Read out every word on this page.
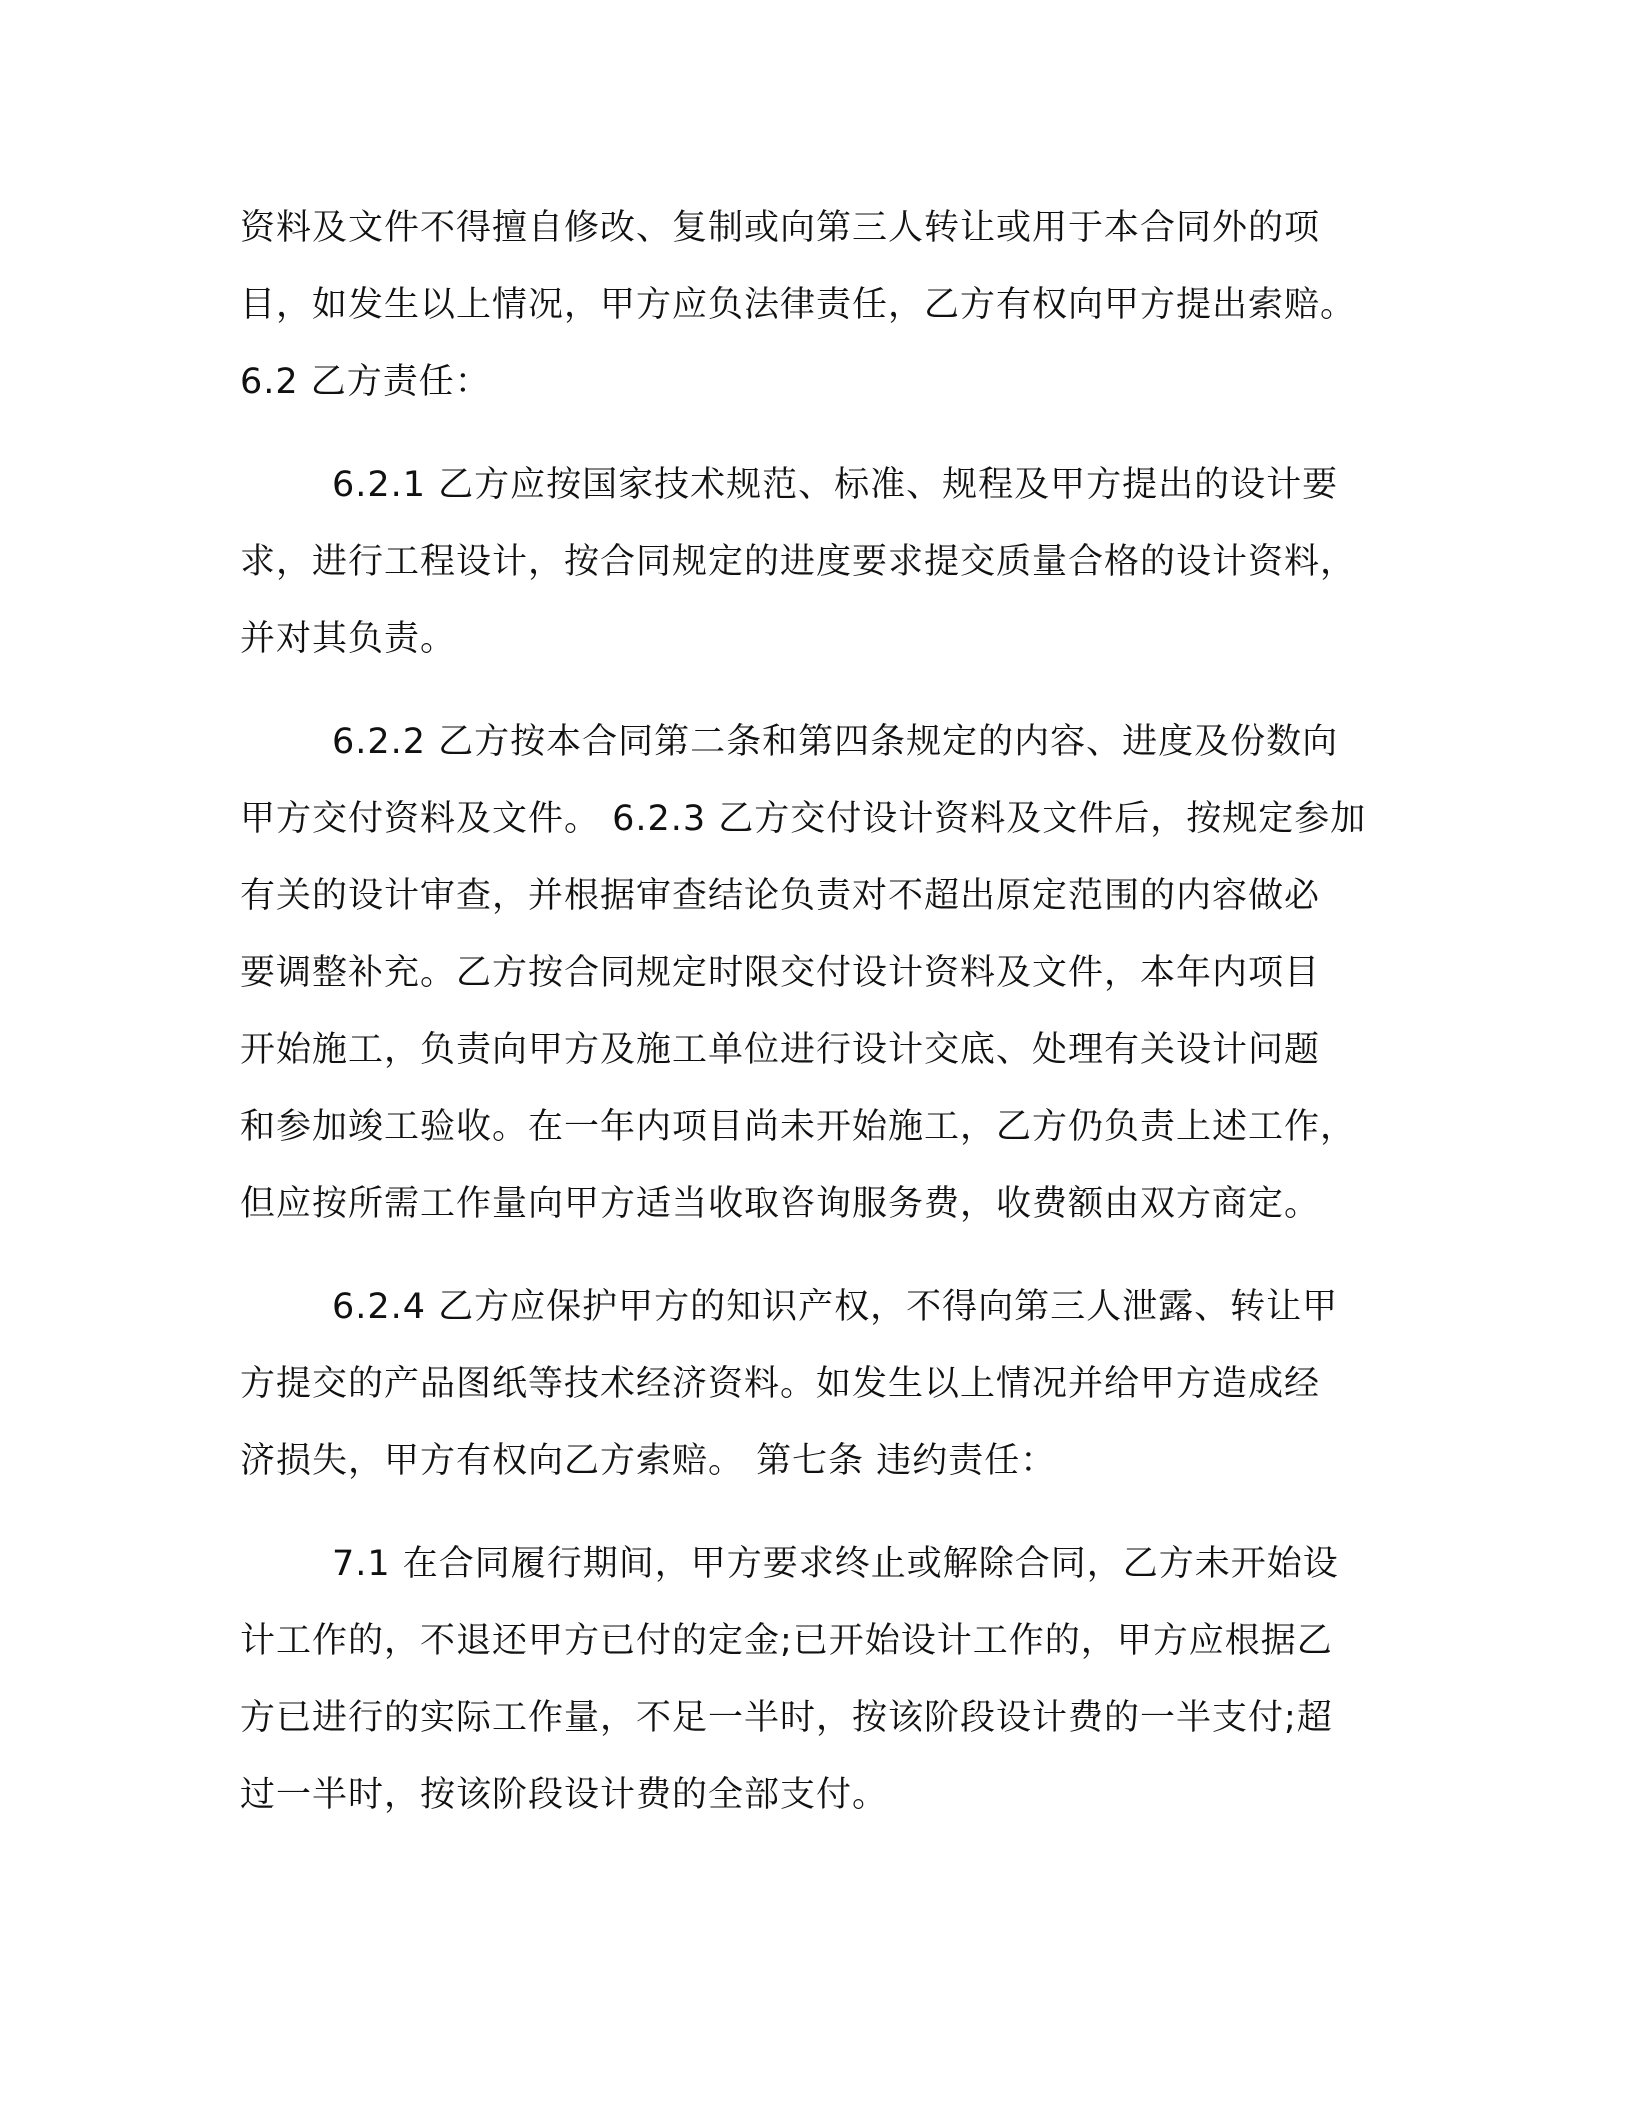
资料及文件不得擅自修改、复制或向第三人转让或用于本合同外的项
目，如发生以上情况，甲方应负法律责任，乙方有权向甲方提出索赔。
6.2 乙方责任：
6.2.1 乙方应按国家技术规范、标准、规程及甲方提出的设计要
求，进行工程设计，按合同规定的进度要求提交质量合格的设计资料，
并对其负责。
6.2.2 乙方按本合同第二条和第四条规定的内容、进度及份数向
甲方交付资料及文件。 6.2.3 乙方交付设计资料及文件后，按规定参加
有关的设计审查，并根据审查结论负责对不超出原定范围的内容做必
要调整补充。乙方按合同规定时限交付设计资料及文件，本年内项目
开始施工，负责向甲方及施工单位进行设计交底、处理有关设计问题
和参加竣工验收。在一年内项目尚未开始施工，乙方仍负责上述工作，
但应按所需工作量向甲方适当收取咨询服务费，收费额由双方商定。
6.2.4 乙方应保护甲方的知识产权，不得向第三人泄露、转让甲
方提交的产品图纸等技术经济资料。如发生以上情况并给甲方造成经
济损失，甲方有权向乙方索赔。 第七条 违约责任：
7.1 在合同履行期间，甲方要求终止或解除合同，乙方未开始设
计工作的，不退还甲方已付的定金;已开始设计工作的，甲方应根据乙
方已进行的实际工作量，不足一半时，按该阶段设计费的一半支付;超
过一半时，按该阶段设计费的全部支付。
